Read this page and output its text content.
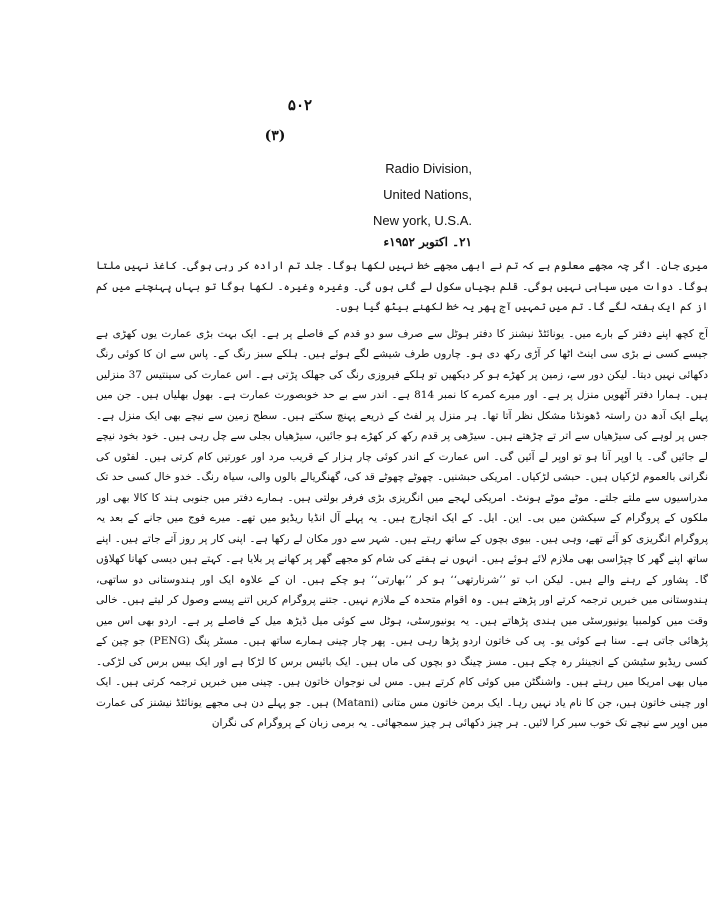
۵۰۲
(۳)
Radio Division,
United Nations,
New york, U.S.A.
۲۱۔ اکتوبر ۱۹۵۲ء

میری جان۔ اگر چہ مجھے معلوم ہے کہ تم نے ابھی مجھے خط نہیں لکھا ہوگا۔ جلد تم ارادہ کر رہی ہوگی۔ کاغذ نہیں ملتا ہوگا۔ دوات میں سیاہی نہیں ہوگی۔ قلم بچیاں سکول لے گئی ہوں گی۔ وغیرہ وغیرہ۔ لکھا ہوگا تو بہاں پہنچنے میں کم از کم ایک ہفتہ لگے گا۔ تم میں تمہیں آج پھر یہ خط لکھنے بیٹھ گیا ہوں۔

آج کچھ اپنے دفتر کے بارے میں۔ یونائٹڈ نیشنز کا دفتر ہوٹل سے صرف سو دو قدم کے فاصلے پر ہے۔ ایک بہت بڑی عمارت یوں کھڑی ہے جیسے کسی نے بڑی سی اینٹ اٹھا کر آڑی رکھ دی ہو۔ چاروں طرف شیشے لگے ہوئے ہیں۔ ہلکے سبز رنگ کے۔ پاس سے ان کا کوئی رنگ دکھائی نہیں دیتا۔ لیکن دور سے، زمین پر کھڑے ہو کر دیکھیں تو ہلکے فیروزی رنگ کی جھلک پڑتی ہے۔ اس عمارت کی سینتیس 37 منزلیں ہیں۔ ہمارا دفتر آٹھویں منزل پر ہے۔ اور میرے کمرے کا نمبر 814 ہے۔ اندر سے بے حد خوبصورت عمارت ہے۔ بھول بھلیاں ہیں۔ جن میں پہلے ایک آدھ دن راستہ ڈھونڈنا مشکل نظر آتا تھا۔ ہر منزل پر لفٹ کے ذریعے پہنچ سکتے ہیں۔ سطح زمین سے نیچے بھی ایک منزل ہے۔ جس پر لوہے کی سیڑھیاں سے اتر تے چڑھتے ہیں۔ سیڑھی پر قدم رکھ کر کھڑے ہو جائیں، سیڑھیاں بجلی سے چل رہی ہیں۔ خود بخود نیچے لے جائیں گی۔ یا اوپر آنا ہو تو اوپر لے آئیں گی۔ اس عمارت کے اندر کوئی چار ہزار کے قریب مرد اور عورتیں کام کرتی ہیں۔ لفٹوں کی نگرانی بالعموم لڑکیاں ہیں۔ حبشی لڑکیاں۔ امریکی حبشنیں۔ چھوٹے چھوٹے قد کی، گھنگریالے بالوں والی، سیاہ رنگ۔ خدو خال کسی حد تک مدراسیوں سے ملتے جلتے۔ موٹے موٹے ہونٹ۔ امریکی لہجے میں انگریزی بڑی فرفر بولتی ہیں۔ ہمارے دفتر میں جنوبی ہند کا کالا بھی اور ملکوں کے پروگرام کے سیکشن میں بی۔ این۔ ایل۔ کے ایک انچارج ہیں۔ یہ پہلے آل انڈیا ریڈیو میں تھے۔ میرے فوج میں جانے کے بعد یہ پروگرام انگریزی کو آئے تھے، وہی ہیں۔ بیوی بچوں کے ساتھ رہتے ہیں۔ شہر سے دور مکان لے رکھا ہے۔ اپنی کار پر روز آتے جاتے ہیں۔ اپنے ساتھ اپنے گھر کا چپڑاسی بھی ملازم لائے ہوئے ہیں۔ انہوں نے ہفتے کی شام کو مجھے گھر پر کھانے پر بلایا ہے۔ کہتے ہیں دیسی کھانا کھلاؤں گا۔ پشاور کے رہنے والے ہیں۔ لیکن اب تو ’’شرنارتھی‘‘ ہو کر ’’بھارتی‘‘ ہو چکے ہیں۔ ان کے علاوہ ایک اور ہندوستانی دو ساتھی، ہندوستانی میں خبریں ترجمہ کرتے اور پڑھتے ہیں۔ وہ اقوام متحدہ کے ملازم نہیں۔ جتنے پروگرام کریں اتنے پیسے وصول کر لیتے ہیں۔ خالی وقت میں کولمبیا یونیورسٹی میں ہندی پڑھاتے ہیں۔ یہ یونیورسٹی، ہوٹل سے کوئی میل ڈیڑھ میل کے فاصلے پر ہے۔ اردو بھی اس میں پڑھائی جاتی ہے۔ سنا ہے کوئی یو۔ پی کی خاتون اردو پڑھا رہی ہیں۔ پھر چار چینی ہمارے ساتھ ہیں۔ مسٹر پنگ (PENG) جو چین کے کسی ریڈیو سٹیشن کے انجینئر رہ چکے ہیں۔ مسز چینگ دو بچوں کی ماں ہیں۔ ایک بائیس برس کا لڑکا ہے اور ایک بیس برس کی لڑکی۔ میاں بھی امریکا میں رہتے ہیں۔ واشنگٹن میں کوئی کام کرتے ہیں۔ مس لی نوجوان خاتون ہیں۔ چینی میں خبریں ترجمہ کرتی ہیں۔ ایک اور چینی خاتون ہیں، جن کا نام یاد نہیں رہا۔ ایک برمن خاتون مس متانی (Matani) ہیں۔ جو پہلے دن ہی مجھے یونائٹڈ نیشنز کی عمارت میں اوپر سے نیچے تک خوب سیر کرا لائیں۔ ہر چیز دکھائی ہر چیز سمجھائی۔ یہ برمی زبان کے پروگرام کی نگران
